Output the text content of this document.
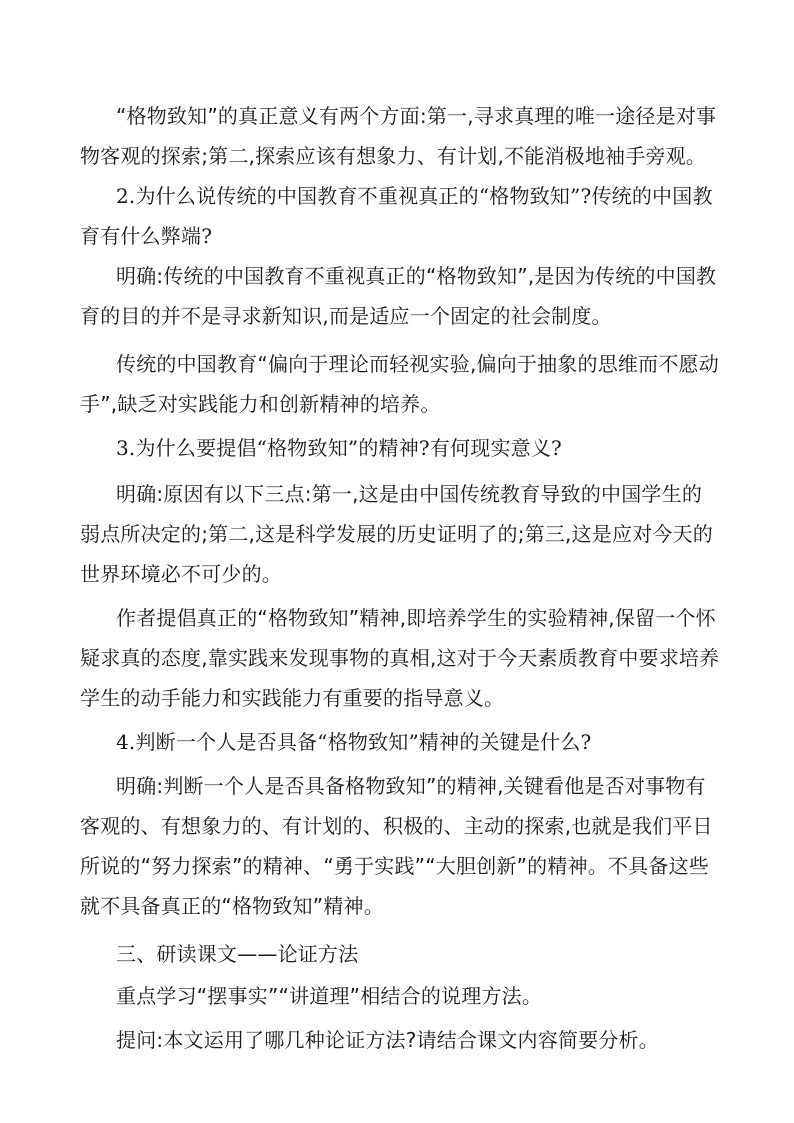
“格物致知”的真正意义有两个方面:第一,寻求真理的唯一途径是对事物客观的探索;第二,探索应该有想象力、有计划,不能消极地袖手旁观。

2.为什么说传统的中国教育不重视真正的“格物致知”?传统的中国教育有什么弊端?

明确:传统的中国教育不重视真正的“格物致知”,是因为传统的中国教育的目的并不是寻求新知识,而是适应一个固定的社会制度。

传统的中国教育“偏向于理论而轻视实验,偏向于抽象的思维而不愿动手”,缺乏对实践能力和创新精神的培养。

3.为什么要提倡“格物致知”的精神?有何现实意义?

明确:原因有以下三点:第一,这是由中国传统教育导致的中国学生的弱点所决定的;第二,这是科学发展的历史证明了的;第三,这是应对今天的世界环境必不可少的。

作者提倡真正的“格物致知”精神,即培养学生的实验精神,保留一个怀疑求真的态度,靠实践来发现事物的真相,这对于今天素质教育中要求培养学生的动手能力和实践能力有重要的指导意义。

4.判断一个人是否具备“格物致知”精神的关键是什么?

明确:判断一个人是否具备格物致知”的精神,关键看他是否对事物有客观的、有想象力的、有计划的、积极的、主动的探索,也就是我们平日所说的“努力探索”的精神、“勇于实践”“大胆创新”的精神。不具备这些就不具备真正的“格物致知”精神。

三、研读课文——论证方法

重点学习“摆事实”“讲道理”相结合的说理方法。

提问:本文运用了哪几种论证方法?请结合课文内容简要分析。
